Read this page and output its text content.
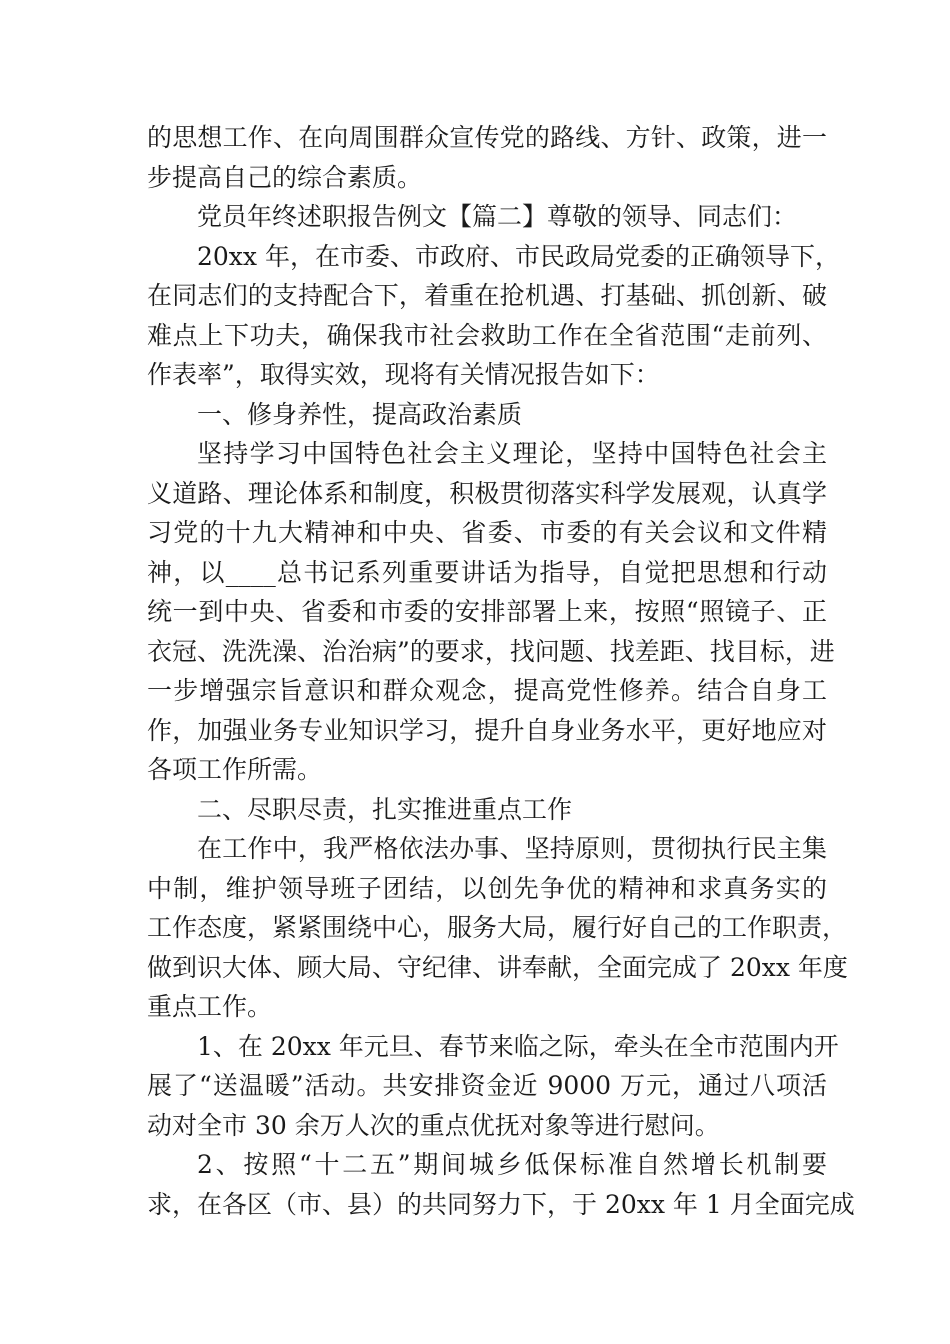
的思想工作、在向周围群众宣传党的路线、方针、政策，进一
步提高自己的综合素质。
党员年终述职报告例文【篇二】尊敬的领导、同志们：
20xx 年，在市委、市政府、市民政局党委的正确领导下，
在同志们的支持配合下，着重在抢机遇、打基础、抓创新、破
难点上下功夫，确保我市社会救助工作在全省范围“走前列、
作表率”，取得实效，现将有关情况报告如下：
一、修身养性，提高政治素质
坚持学习中国特色社会主义理论，坚持中国特色社会主
义道路、理论体系和制度，积极贯彻落实科学发展观，认真学
习党的十九大精神和中央、省委、市委的有关会议和文件精
神，以____总书记系列重要讲话为指导，自觉把思想和行动
统一到中央、省委和市委的安排部署上来，按照“照镜子、正
衣冠、洗洗澡、治治病”的要求，找问题、找差距、找目标，进
一步增强宗旨意识和群众观念，提高党性修养。结合自身工
作，加强业务专业知识学习，提升自身业务水平，更好地应对
各项工作所需。
二、尽职尽责，扎实推进重点工作
在工作中，我严格依法办事、坚持原则，贯彻执行民主集
中制，维护领导班子团结，以创先争优的精神和求真务实的
工作态度，紧紧围绕中心，服务大局，履行好自己的工作职责，
做到识大体、顾大局、守纪律、讲奉献，全面完成了 20xx 年度
重点工作。
1、在 20xx 年元旦、春节来临之际，牵头在全市范围内开
展了“送温暖”活动。共安排资金近 9000 万元，通过八项活
动对全市 30 余万人次的重点优抚对象等进行慰问。
2、按照“十二五”期间城乡低保标准自然增长机制要
求，在各区（市、县）的共同努力下，于 20xx 年 1 月全面完成
